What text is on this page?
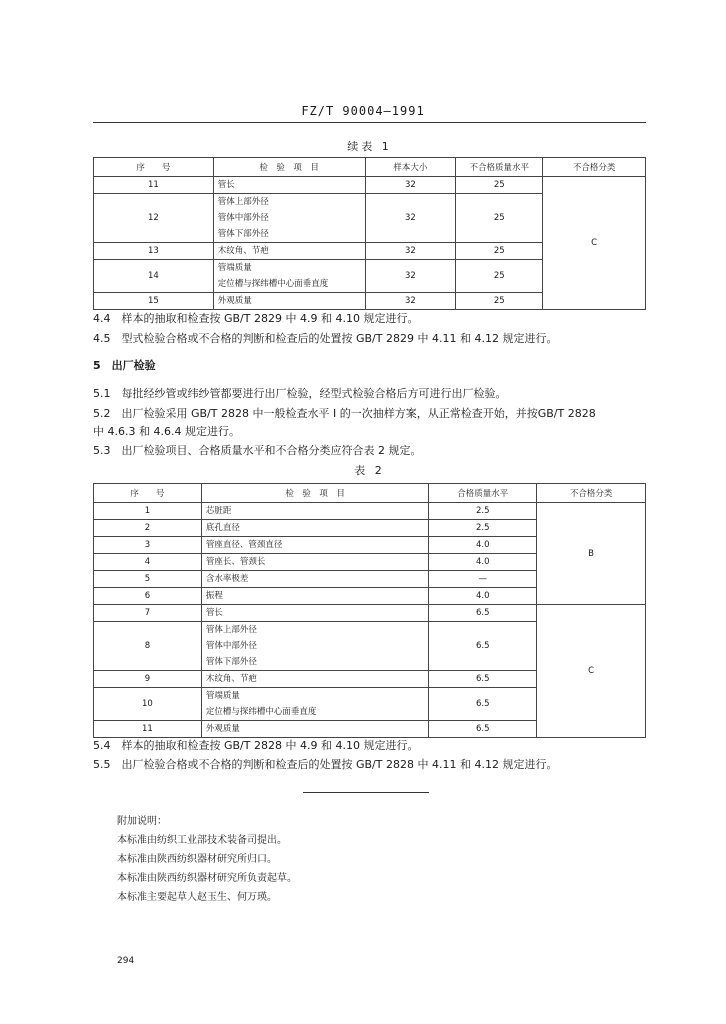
FZ/T 90004—1991
续表 1
序　　号	检　验　项　目	样本大小	不合格质量水平	不合格分类
11	管长	32	25	C
12	管体上部外径
管体中部外径
管体下部外径	32	25	
13	木纹角、节疤	32	25	
14	管端质量
定位槽与探纬槽中心面垂直度	32	25	
15	外观质量	32	25	
4.4　样本的抽取和检查按 GB/T 2829 中 4.9 和 4.10 规定进行。
4.5　型式检验合格或不合格的判断和检查后的处置按 GB/T 2829 中 4.11 和 4.12 规定进行。
5　出厂检验
5.1　每批经纱管或纬纱管都要进行出厂检验，经型式检验合格后方可进行出厂检验。
5.2　出厂检验采用 GB/T 2828 中一般检查水平 I 的一次抽样方案，从正常检查开始，并按GB/T 2828
中 4.6.3 和 4.6.4 规定进行。
5.3　出厂检验项目、合格质量水平和不合格分类应符合表 2 规定。
表 2
序　　号	检　验　项　目	合格质量水平	不合格分类
1	芯脏距	2.5	B
2	底孔直径	2.5	
3	管座直径、管颈直径	4.0	
4	管座长、管颈长	4.0	
5	含水率极差	—	
6	振程	4.0	
7	管长	6.5	C
8	管体上部外径
管体中部外径
管体下部外径	6.5	
9	木纹角、节疤	6.5	
10	管端质量
定位槽与探纬槽中心面垂直度	6.5	
11	外观质量	6.5	
5.4　样本的抽取和检查按 GB/T 2828 中 4.9 和 4.10 规定进行。
5.5　出厂检验合格或不合格的判断和检查后的处置按 GB/T 2828 中 4.11 和 4.12 规定进行。
附加说明：
本标准由纺织工业部技术装备司提出。
本标准由陕西纺织器材研究所归口。
本标准由陕西纺织器材研究所负责起草。
本标准主要起草人赵玉生、何万瑛。
294
